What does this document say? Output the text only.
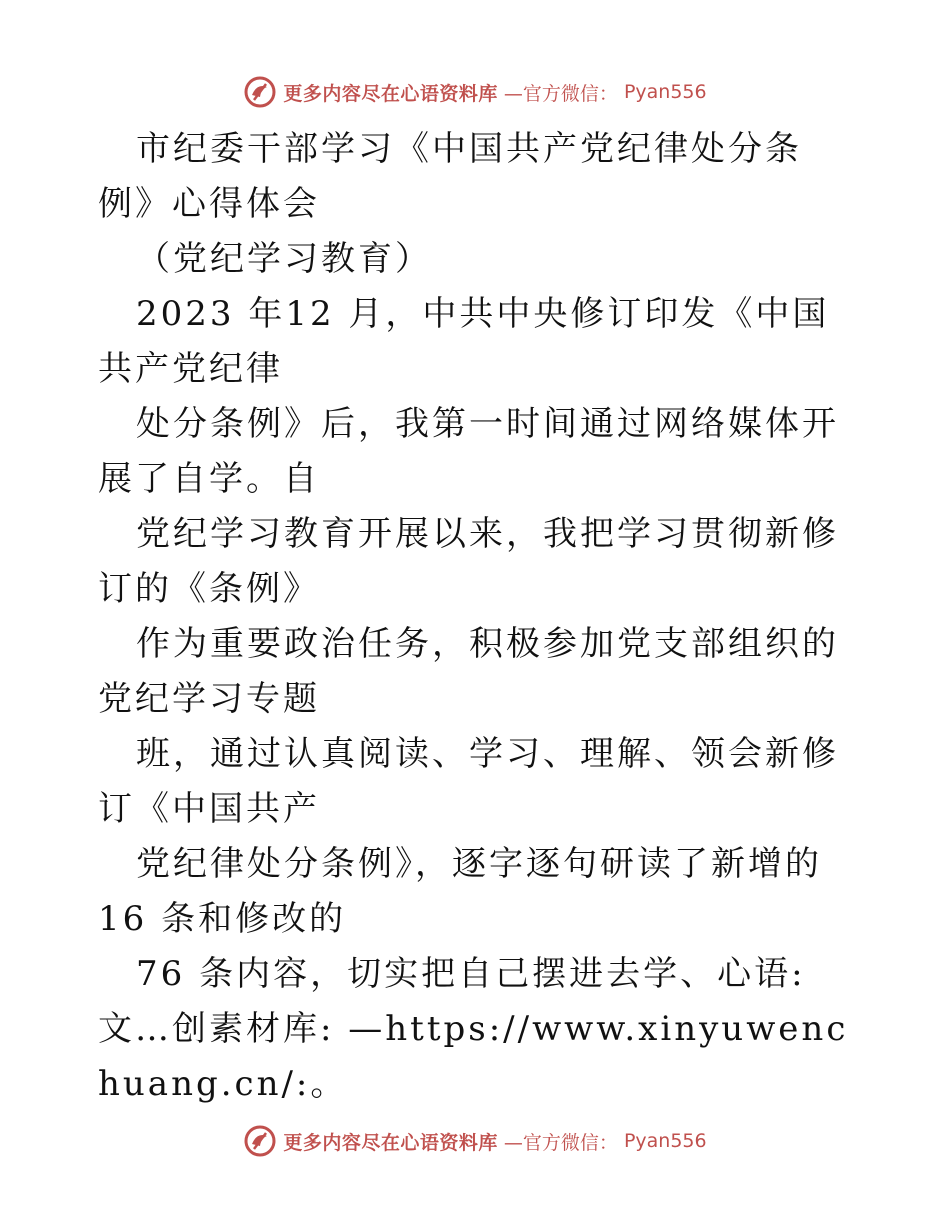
更多内容尽在心语资料库 —官方微信： Pyan556

市纪委干部学习《中国共产党纪律处分条例》心得体会

（党纪学习教育）

2023 年12 月，中共中央修订印发《中国共产党纪律

处分条例》后，我第一时间通过网络媒体开展了自学。自

党纪学习教育开展以来，我把学习贯彻新修订的《条例》

作为重要政治任务，积极参加党支部组织的党纪学习专题

班，通过认真阅读、学习、理解、领会新修订《中国共产

党纪律处分条例》，逐字逐句研读了新增的 16 条和修改的

76 条内容，切实把自己摆进去学、心语:文…创素材库: —https://www.xinyuwenchuang.cn/:。

更多内容尽在心语资料库 —官方微信： Pyan556
